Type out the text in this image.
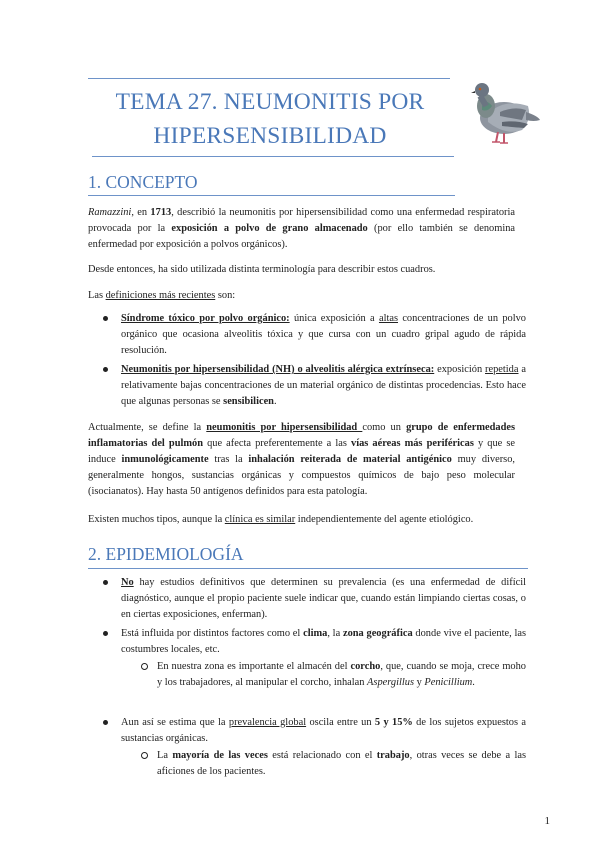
TEMA 27. NEUMONITIS POR
HIPERSENSIBILIDAD
1. CONCEPTO

Ramazzini, en 1713, describió la neumonitis por hipersensibilidad como una enfermedad respiratoria provocada por la exposición a polvo de grano almacenado (por ello también se denomina enfermedad por exposición a polvos orgánicos).

Desde entonces, ha sido utilizada distinta terminología para describir estos cuadros.

Las definiciones más recientes son:

Síndrome tóxico por polvo orgánico: única exposición a altas concentraciones de un polvo orgánico que ocasiona alveolitis tóxica y que cursa con un cuadro gripal agudo de rápida resolución.
Neumonitis por hipersensibilidad (NH) o alveolitis alérgica extrínseca: exposición repetida a relativamente bajas concentraciones de un material orgánico de distintas procedencias. Esto hace que algunas personas se sensibilicen.

Actualmente, se define la neumonitis por hipersensibilidad como un grupo de enfermedades inflamatorias del pulmón que afecta preferentemente a las vías aéreas más periféricas y que se induce inmunológicamente tras la inhalación reiterada de material antigénico muy diverso, generalmente hongos, sustancias orgánicas y compuestos químicos de bajo peso molecular (isocianatos). Hay hasta 50 antígenos definidos para esta patología.

Existen muchos tipos, aunque la clínica es similar independientemente del agente etiológico.

2. EPIDEMIOLOGÍA
No hay estudios definitivos que determinen su prevalencia (es una enfermedad de difícil diagnóstico, aunque el propio paciente suele indicar que, cuando están limpiando ciertas cosas, o en ciertas exposiciones, enferman).
Está influida por distintos factores como el clima, la zona geográfica donde vive el paciente, las costumbres locales, etc.
En nuestra zona es importante el almacén del corcho, que, cuando se moja, crece moho y los trabajadores, al manipular el corcho, inhalan Aspergillus y Penicillium.
Aun así se estima que la prevalencia global oscila entre un 5 y 15% de los sujetos expuestos a sustancias orgánicas.
La mayoría de las veces está relacionado con el trabajo, otras veces se debe a las aficiones de los pacientes.
1
